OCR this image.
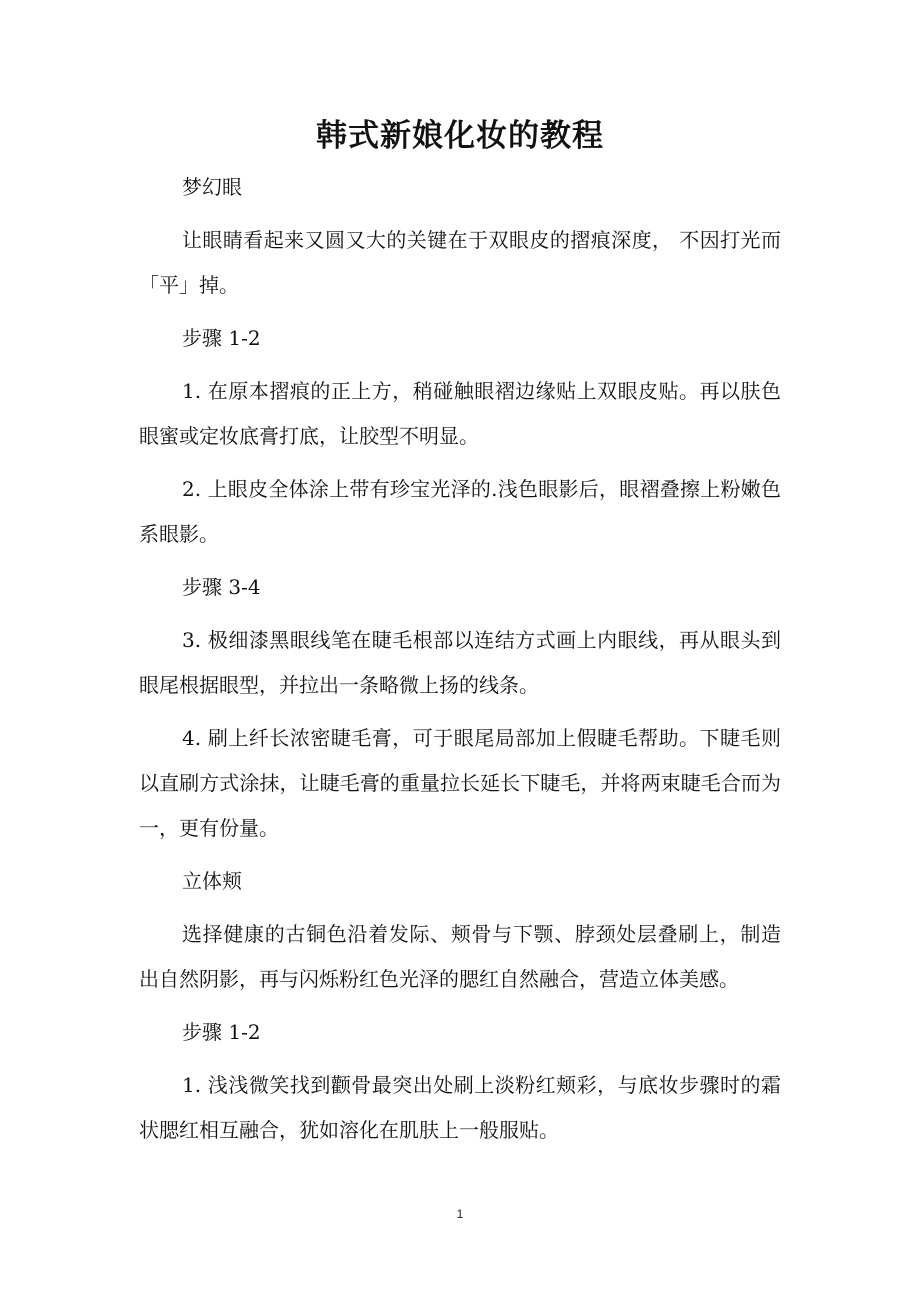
韩式新娘化妆的教程

梦幻眼

让眼睛看起来又圆又大的关键在于双眼皮的摺痕深度， 不因打光而「平」掉。

步骤 1-2

1. 在原本摺痕的正上方，稍碰触眼褶边缘贴上双眼皮贴。再以肤色眼蜜或定妆底膏打底，让胶型不明显。

2. 上眼皮全体涂上带有珍宝光泽的.浅色眼影后，眼褶叠擦上粉嫩色系眼影。

步骤 3-4

3. 极细漆黑眼线笔在睫毛根部以连结方式画上内眼线，再从眼头到眼尾根据眼型，并拉出一条略微上扬的线条。

4. 刷上纤长浓密睫毛膏，可于眼尾局部加上假睫毛帮助。下睫毛则以直刷方式涂抹，让睫毛膏的重量拉长延长下睫毛，并将两束睫毛合而为一，更有份量。

立体颊

选择健康的古铜色沿着发际、颊骨与下颚、脖颈处层叠刷上，制造出自然阴影，再与闪烁粉红色光泽的腮红自然融合，营造立体美感。

步骤 1-2

1. 浅浅微笑找到颧骨最突出处刷上淡粉红颊彩，与底妆步骤时的霜状腮红相互融合，犹如溶化在肌肤上一般服贴。

1
